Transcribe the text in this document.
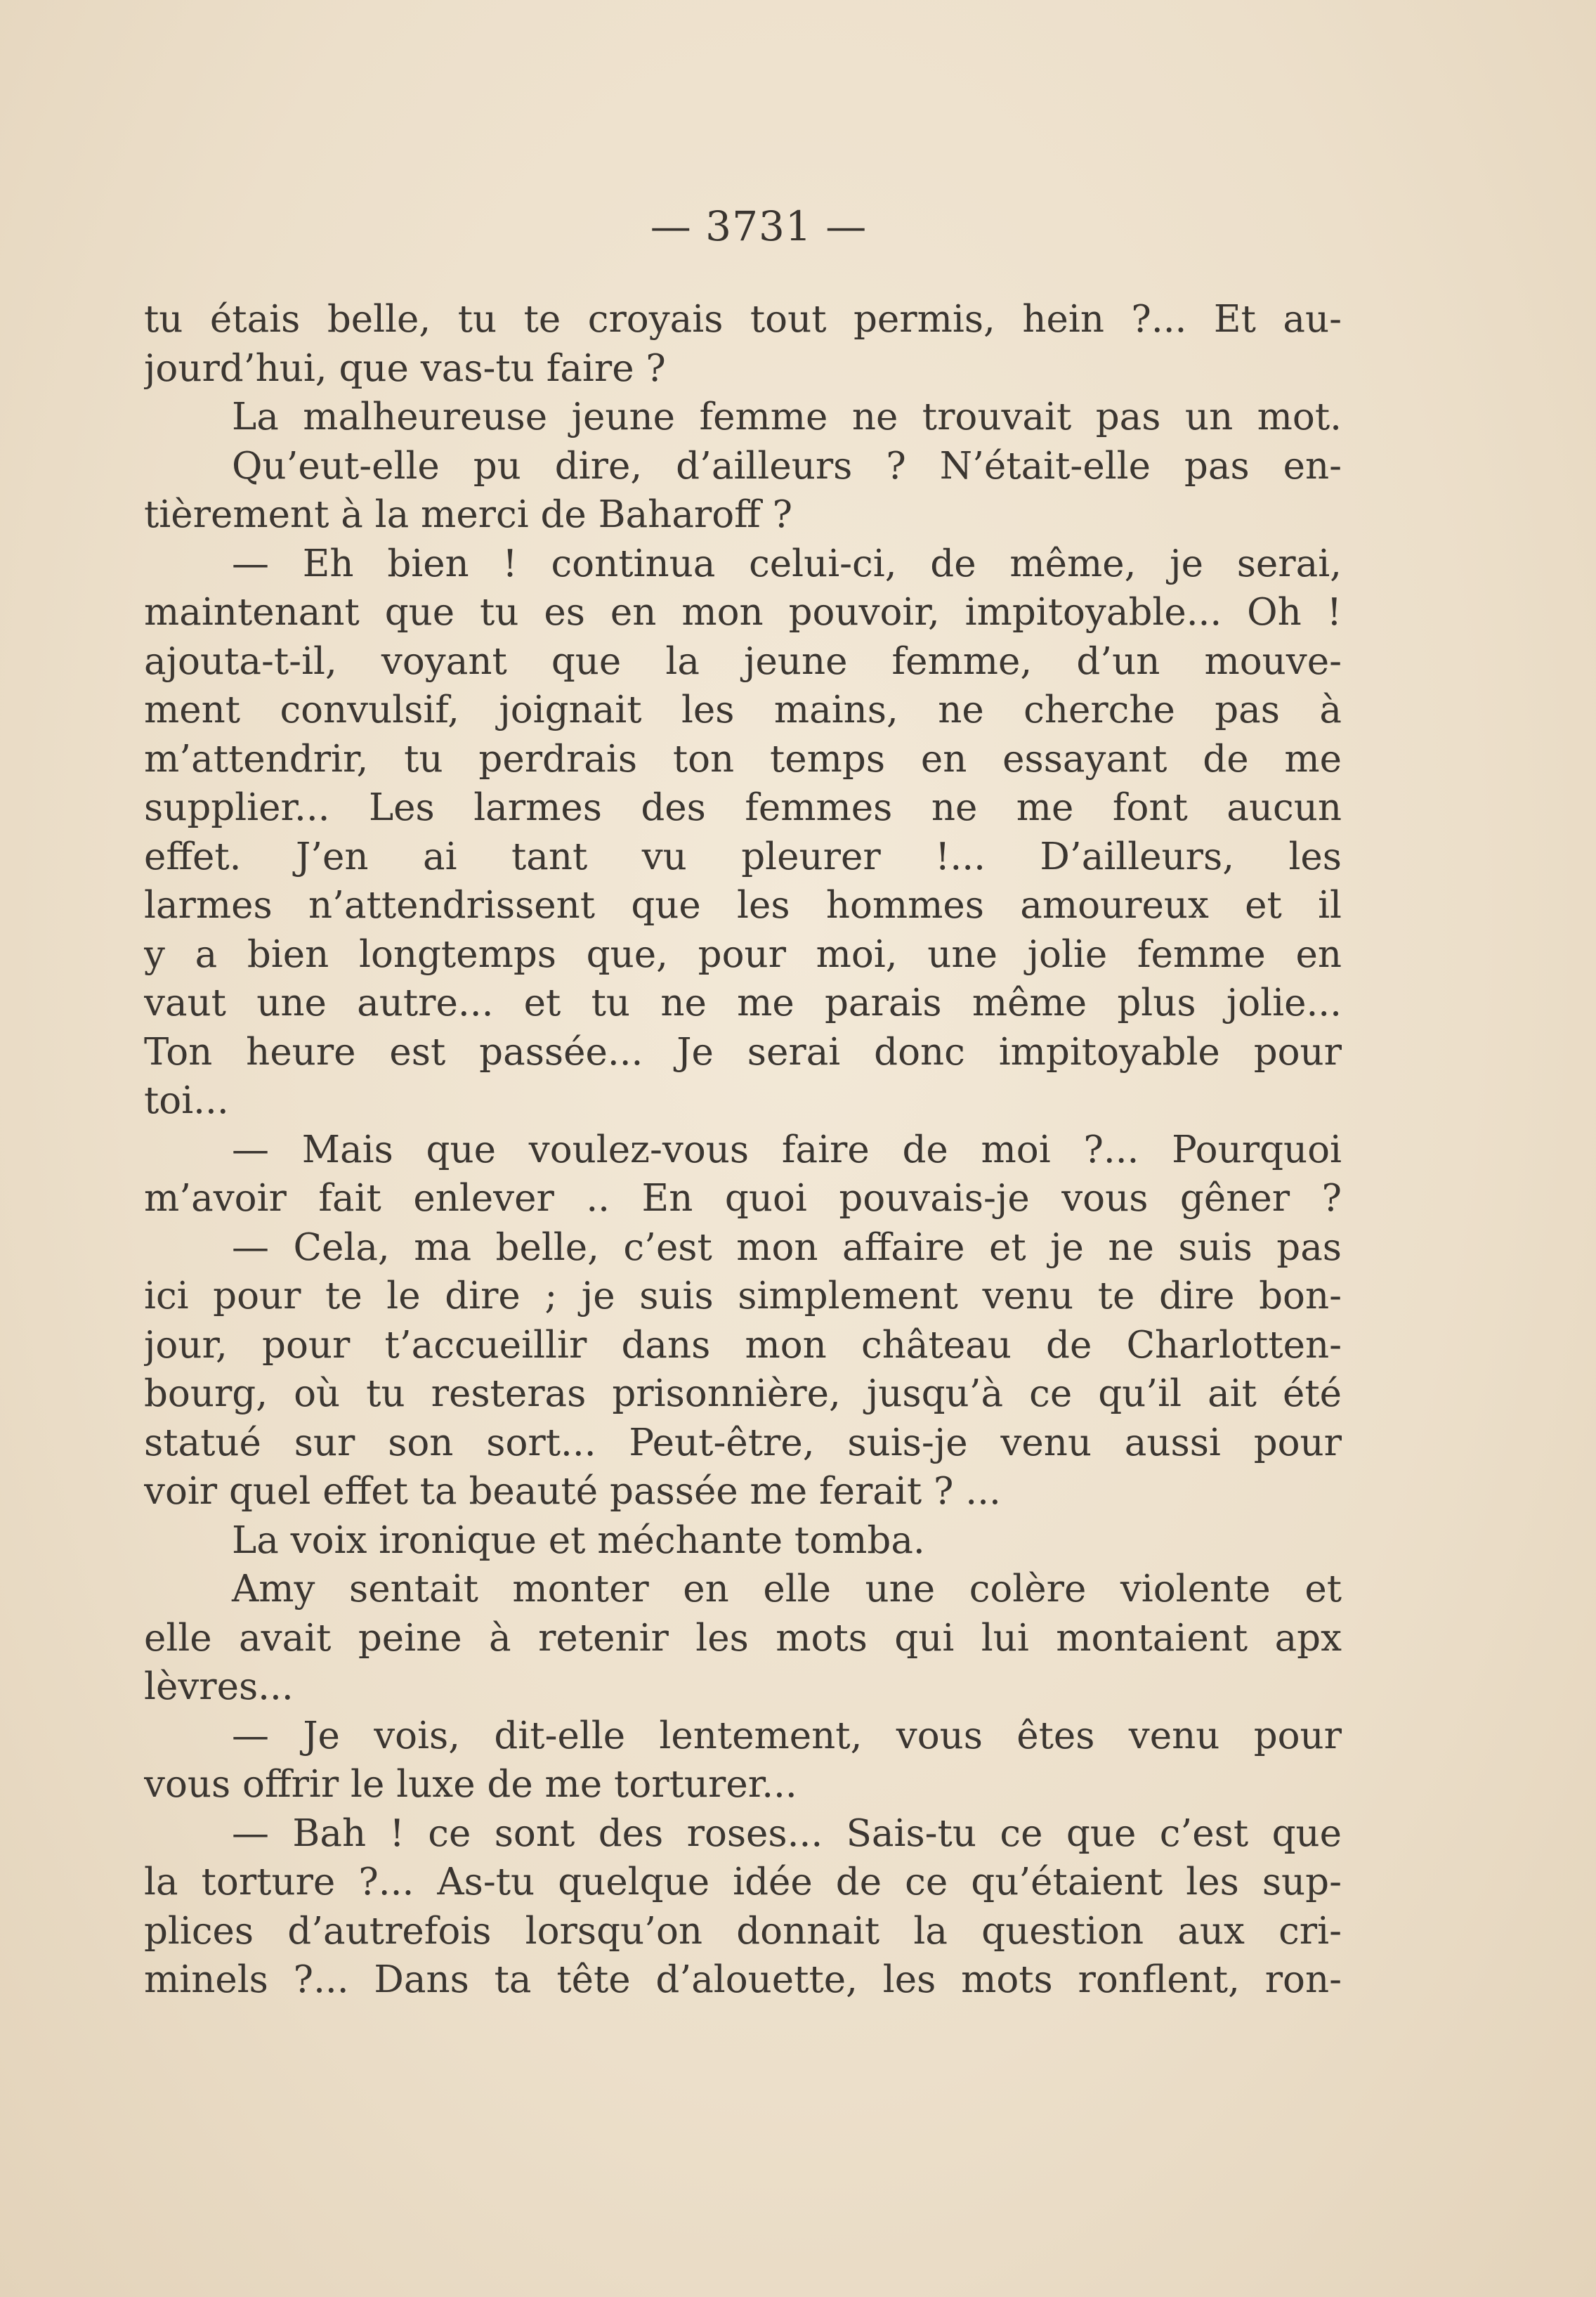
— 3731 —
tu étais belle, tu te croyais tout permis, hein ?... Et au-
jourd’hui, que vas-tu faire ?
La malheureuse jeune femme ne trouvait pas un mot.
Qu’eut-elle pu dire, d’ailleurs ? N’était-elle pas en-
tièrement à la merci de Baharoff ?
— Eh bien ! continua celui-ci, de même, je serai,
maintenant que tu es en mon pouvoir, impitoyable... Oh !
ajouta-t-il, voyant que la jeune femme, d’un mouve-
ment convulsif, joignait les mains, ne cherche pas à
m’attendrir, tu perdrais ton temps en essayant de me
supplier... Les larmes des femmes ne me font aucun
effet. J’en ai tant vu pleurer !... D’ailleurs, les
larmes n’attendrissent que les hommes amoureux et il
y a bien longtemps que, pour moi, une jolie femme en
vaut une autre... et tu ne me parais même plus jolie...
Ton heure est passée... Je serai donc impitoyable pour
toi...
— Mais que voulez-vous faire de moi ?... Pourquoi
m’avoir fait enlever .. En quoi pouvais-je vous gêner ?
— Cela, ma belle, c’est mon affaire et je ne suis pas
ici pour te le dire ; je suis simplement venu te dire bon-
jour, pour t’accueillir dans mon château de Charlotten-
bourg, où tu resteras prisonnière, jusqu’à ce qu’il ait été
statué sur son sort... Peut-être, suis-je venu aussi pour
voir quel effet ta beauté passée me ferait ? ...
La voix ironique et méchante tomba.
Amy sentait monter en elle une colère violente et
elle avait peine à retenir les mots qui lui montaient apx
lèvres...
— Je vois, dit-elle lentement, vous êtes venu pour
vous offrir le luxe de me torturer...
— Bah ! ce sont des roses... Sais-tu ce que c’est que
la torture ?... As-tu quelque idée de ce qu’étaient les sup-
plices d’autrefois lorsqu’on donnait la question aux cri-
minels ?... Dans ta tête d’alouette, les mots ronflent, ron-
